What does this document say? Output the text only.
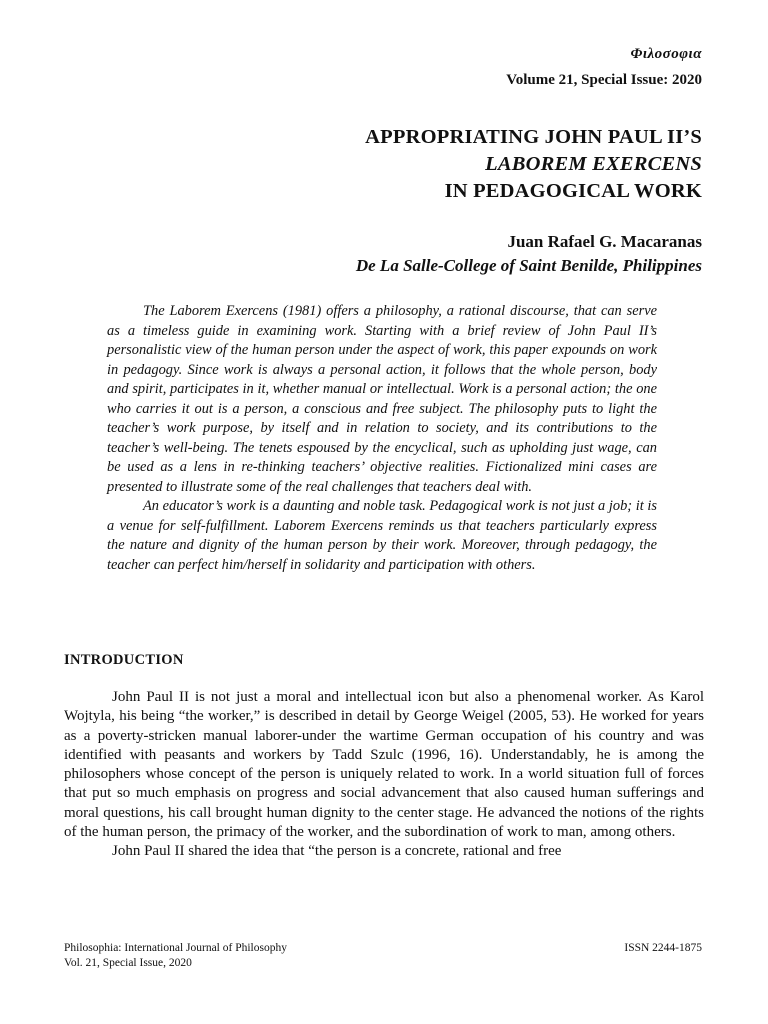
Φιλοσοφια
Volume 21, Special Issue: 2020
APPROPRIATING JOHN PAUL II’S
LABOREM EXERCENS
IN PEDAGOGICAL WORK
Juan Rafael G. Macaranas
De La Salle-College of Saint Benilde, Philippines

The Laborem Exercens (1981) offers a philosophy, a rational discourse, that can serve as a timeless guide in examining work. Starting with a brief review of John Paul II’s personalistic view of the human person under the aspect of work, this paper expounds on work in pedagogy. Since work is always a personal action, it follows that the whole person, body and spirit, participates in it, whether manual or intellectual. Work is a personal action; the one who carries it out is a person, a conscious and free subject. The philosophy puts to light the teacher’s work purpose, by itself and in relation to society, and its contributions to the teacher’s well-being. The tenets espoused by the encyclical, such as upholding just wage, can be used as a lens in re-thinking teachers’ objective realities. Fictionalized mini cases are presented to illustrate some of the real challenges that teachers deal with.

An educator’s work is a daunting and noble task. Pedagogical work is not just a job; it is a venue for self-fulfillment. Laborem Exercens reminds us that teachers particularly express the nature and dignity of the human person by their work. Moreover, through pedagogy, the teacher can perfect him/herself in solidarity and participation with others.

INTRODUCTION

John Paul II is not just a moral and intellectual icon but also a phenomenal worker. As Karol Wojtyla, his being “the worker,” is described in detail by George Weigel (2005, 53). He worked for years as a poverty-stricken manual laborer-under the wartime German occupation of his country and was identified with peasants and workers by Tadd Szulc (1996, 16). Understandably, he is among the philosophers whose concept of the person is uniquely related to work. In a world situation full of forces that put so much emphasis on progress and social advancement that also caused human sufferings and moral questions, his call brought human dignity to the center stage. He advanced the notions of the rights of the human person, the primacy of the worker, and the subordination of work to man, among others.

John Paul II shared the idea that “the person is a concrete, rational and free

Philosophia: International Journal of Philosophy
Vol. 21, Special Issue, 2020
ISSN 2244-1875
